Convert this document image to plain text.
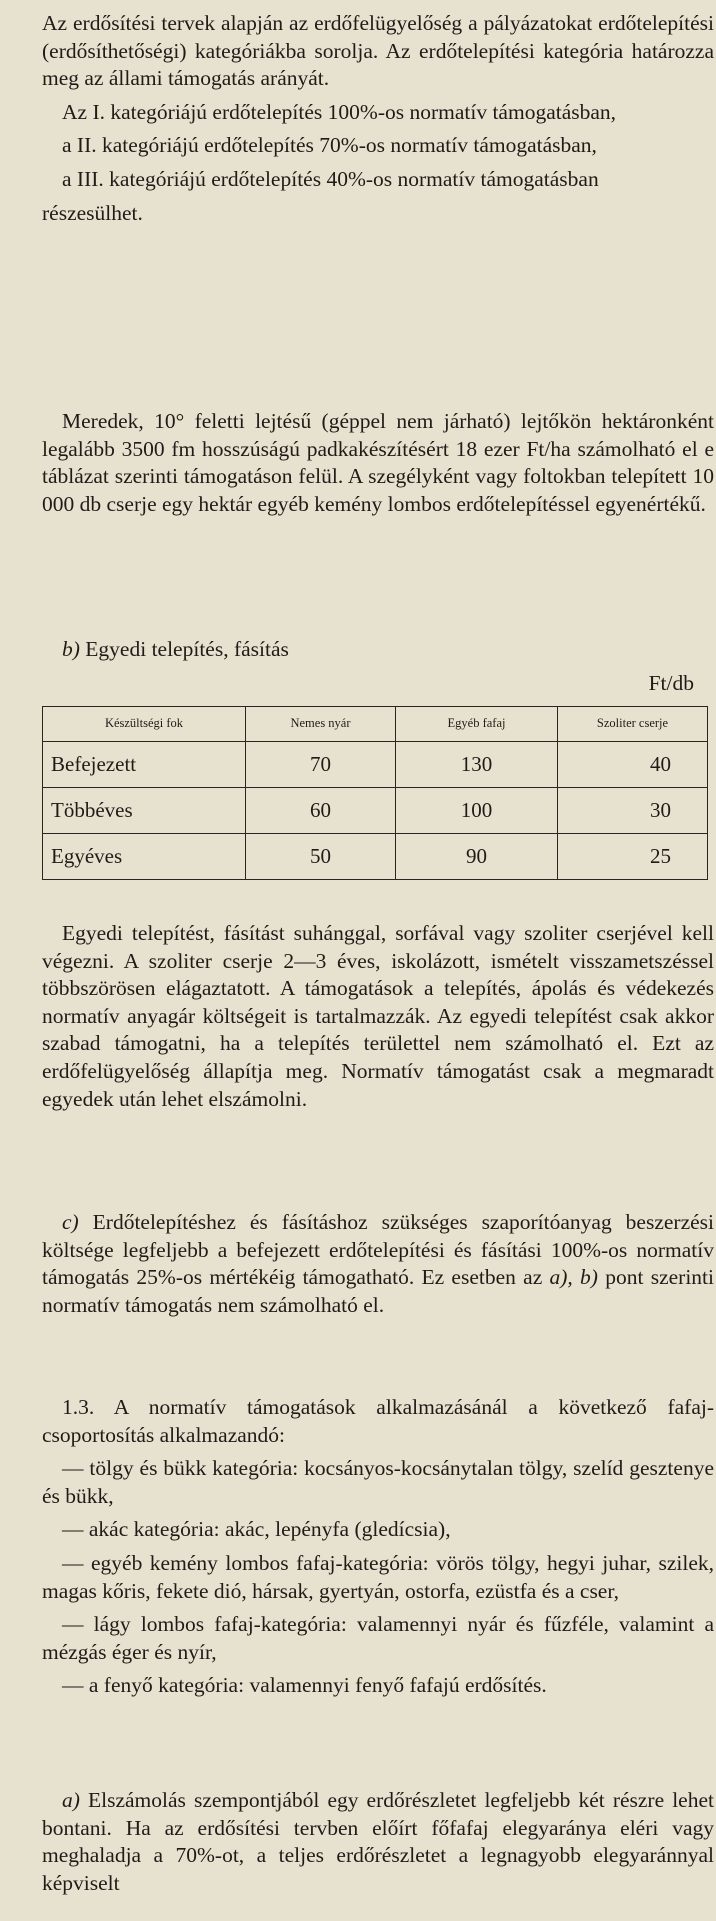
Az erdősítési tervek alapján az erdőfelügyelőség a pályázatokat erdőtelepítési (erdősíthetőségi) kategóriákba sorolja. Az erdőtelepítési kategória határozza meg az állami támogatás arányát.

Az I. kategóriájú erdőtelepítés 100%-os normatív támogatásban,

a II. kategóriájú erdőtelepítés 70%-os normatív támogatásban,

a III. kategóriájú erdőtelepítés 40%-os normatív támogatásban

részesülhet.

Meredek, 10° feletti lejtésű (géppel nem járható) lejtőkön hektáronként legalább 3500 fm hosszúságú padkakészítésért 18 ezer Ft/ha számolható el e táblázat szerinti támogatáson felül. A szegélyként vagy foltokban telepített 10 000 db cserje egy hektár egyéb kemény lombos erdőtelepítéssel egyenértékű.

b) Egyedi telepítés, fásítás
Ft/db
Készültségi fok	Nemes nyár	Egyéb fafaj	Szoliter cserje
Befejezett	70	130	40
Többéves	60	100	30
Egyéves	50	90	25

Egyedi telepítést, fásítást suhánggal, sorfával vagy szoliter cserjével kell végezni. A szoliter cserje 2—3 éves, iskolázott, ismételt visszametszéssel többszörösen elágaztatott. A támogatások a telepítés, ápolás és védekezés normatív anyagár költségeit is tartalmazzák. Az egyedi telepítést csak akkor szabad támogatni, ha a telepítés területtel nem számolható el. Ezt az erdőfelügyelőség állapítja meg. Normatív támogatást csak a megmaradt egyedek után lehet elszámolni.

c) Erdőtelepítéshez és fásításhoz szükséges szaporítóanyag beszerzési költsége legfeljebb a befejezett erdőtelepítési és fásítási 100%-os normatív támogatás 25%-os mértékéig támogatható. Ez esetben az a), b) pont szerinti normatív támogatás nem számolható el.

1.3. A normatív támogatások alkalmazásánál a következő fafaj-csoportosítás alkalmazandó:

— tölgy és bükk kategória: kocsányos-kocsánytalan tölgy, szelíd gesztenye és bükk,

— akác kategória: akác, lepényfa (gledícsia),

— egyéb kemény lombos fafaj-kategória: vörös tölgy, hegyi juhar, szilek, magas kőris, fekete dió, hársak, gyertyán, ostorfa, ezüstfa és a cser,

— lágy lombos fafaj-kategória: valamennyi nyár és fűzféle, valamint a mézgás éger és nyír,

— a fenyő kategória: valamennyi fenyő fafajú erdősítés.

a) Elszámolás szempontjából egy erdőrészletet legfeljebb két részre lehet bontani. Ha az erdősítési tervben előírt főfafaj elegyaránya eléri vagy meghaladja a 70%-ot, a teljes erdőrészletet a legnagyobb elegyaránnyal képviselt
